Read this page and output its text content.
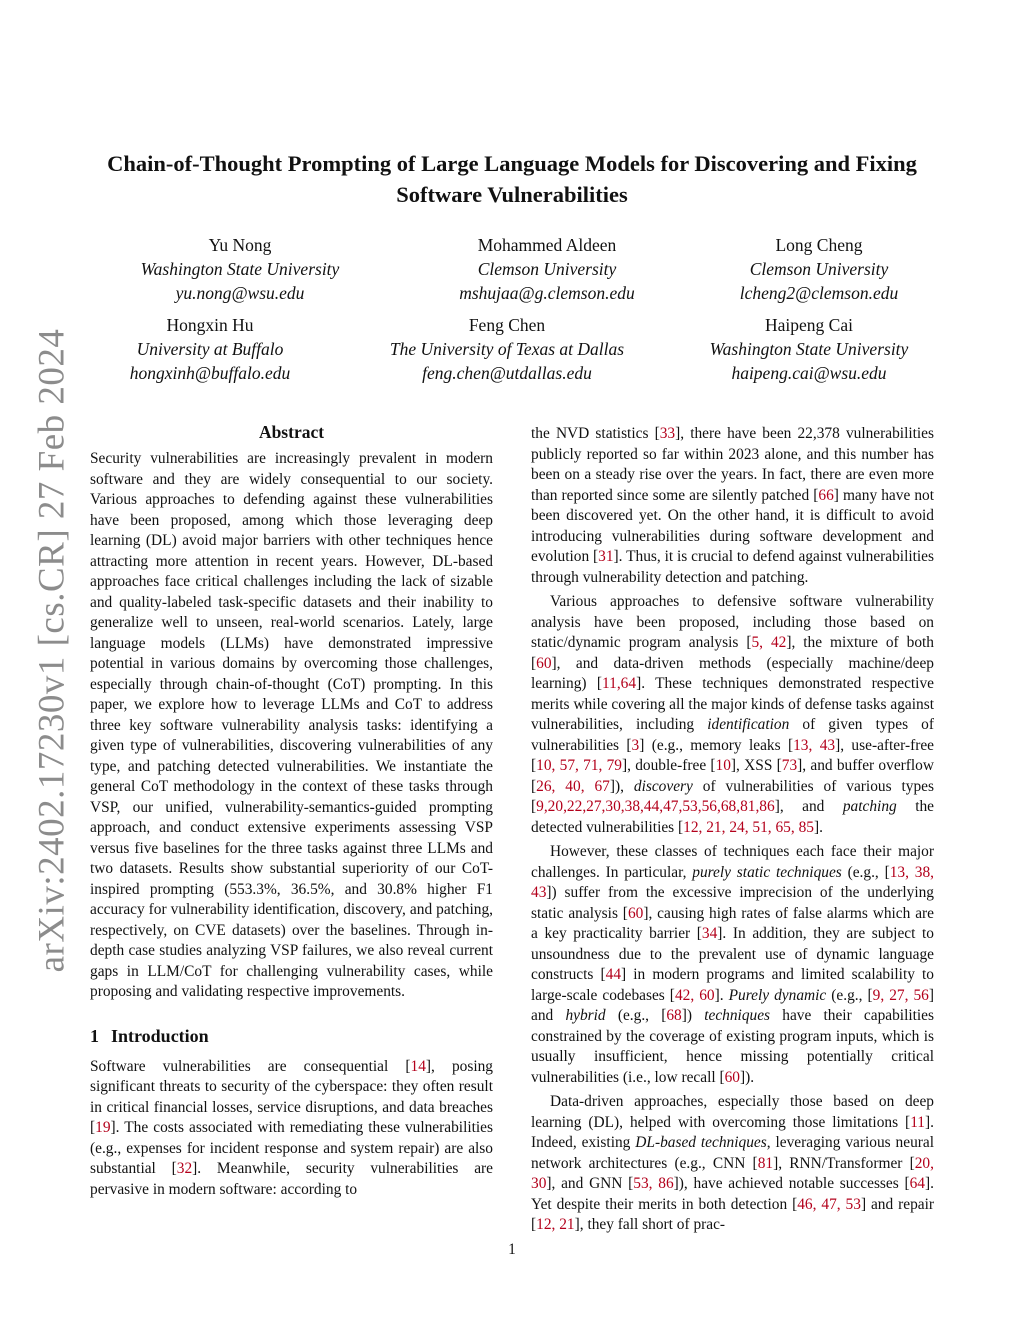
arXiv:2402.17230v1 [cs.CR] 27 Feb 2024
Chain-of-Thought Prompting of Large Language Models for Discovering and Fixing Software Vulnerabilities
Yu Nong
Washington State University
yu.nong@wsu.edu
Mohammed Aldeen
Clemson University
mshujaa@g.clemson.edu
Long Cheng
Clemson University
lcheng2@clemson.edu
Hongxin Hu
University at Buffalo
hongxinh@buffalo.edu
Feng Chen
The University of Texas at Dallas
feng.chen@utdallas.edu
Haipeng Cai
Washington State University
haipeng.cai@wsu.edu
Abstract

Security vulnerabilities are increasingly prevalent in modern software and they are widely consequential to our society. Various approaches to defending against these vulnerabilities have been proposed, among which those leveraging deep learning (DL) avoid major barriers with other techniques hence attracting more attention in recent years. However, DL-based approaches face critical challenges including the lack of sizable and quality-labeled task-specific datasets and their inability to generalize well to unseen, real-world scenarios. Lately, large language models (LLMs) have demonstrated impressive potential in various domains by overcoming those challenges, especially through chain-of-thought (CoT) prompting. In this paper, we explore how to leverage LLMs and CoT to address three key software vulnerability analysis tasks: identifying a given type of vulnerabilities, discovering vulnerabilities of any type, and patching detected vulnerabilities. We instantiate the general CoT methodology in the context of these tasks through VSP, our unified, vulnerability-semantics-guided prompting approach, and conduct extensive experiments assessing VSP versus five baselines for the three tasks against three LLMs and two datasets. Results show substantial superiority of our CoT-inspired prompting (553.3%, 36.5%, and 30.8% higher F1 accuracy for vulnerability identification, discovery, and patching, respectively, on CVE datasets) over the baselines. Through in-depth case studies analyzing VSP failures, we also reveal current gaps in LLM/CoT for challenging vulnerability cases, while proposing and validating respective improvements.

1 Introduction

Software vulnerabilities are consequential [14], posing significant threats to security of the cyberspace: they often result in critical financial losses, service disruptions, and data breaches [19]. The costs associated with remediating these vulnerabilities (e.g., expenses for incident response and system repair) are also substantial [32]. Meanwhile, security vulnerabilities are pervasive in modern software: according to

the NVD statistics [33], there have been 22,378 vulnerabilities publicly reported so far within 2023 alone, and this number has been on a steady rise over the years. In fact, there are even more than reported since some are silently patched [66] many have not been discovered yet. On the other hand, it is difficult to avoid introducing vulnerabilities during software development and evolution [31]. Thus, it is crucial to defend against vulnerabilities through vulnerability detection and patching.

Various approaches to defensive software vulnerability analysis have been proposed, including those based on static/dynamic program analysis [5, 42], the mixture of both [60], and data-driven methods (especially machine/deep learning) [11,64]. These techniques demonstrated respective merits while covering all the major kinds of defense tasks against vulnerabilities, including identification of given types of vulnerabilities [3] (e.g., memory leaks [13, 43], use-after-free [10, 57, 71, 79], double-free [10], XSS [73], and buffer overflow [26, 40, 67]), discovery of vulnerabilities of various types [9,20,22,27,30,38,44,47,53,56,68,81,86], and patching the detected vulnerabilities [12, 21, 24, 51, 65, 85].

However, these classes of techniques each face their major challenges. In particular, purely static techniques (e.g., [13, 38, 43]) suffer from the excessive imprecision of the underlying static analysis [60], causing high rates of false alarms which are a key practicality barrier [34]. In addition, they are subject to unsoundness due to the prevalent use of dynamic language constructs [44] in modern programs and limited scalability to large-scale codebases [42, 60]. Purely dynamic (e.g., [9, 27, 56] and hybrid (e.g., [68]) techniques have their capabilities constrained by the coverage of existing program inputs, which is usually insufficient, hence missing potentially critical vulnerabilities (i.e., low recall [60]).

Data-driven approaches, especially those based on deep learning (DL), helped with overcoming those limitations [11]. Indeed, existing DL-based techniques, leveraging various neural network architectures (e.g., CNN [81], RNN/Transformer [20, 30], and GNN [53, 86]), have achieved notable successes [64]. Yet despite their merits in both detection [46, 47, 53] and repair [12, 21], they fall short of prac-

1
